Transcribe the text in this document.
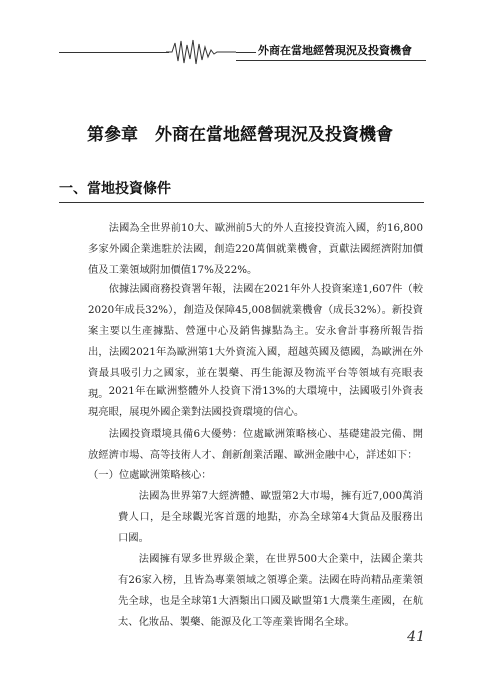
外商在當地經營現況及投資機會
第參章　外商在當地經營現況及投資機會
一、當地投資條件

法國為全世界前10大、歐洲前5大的外人直接投資流入國，約16,800多家外國企業進駐於法國，創造220萬個就業機會，貢獻法國經濟附加價值及工業領域附加價值17%及22%。

依據法國商務投資署年報，法國在2021年外人投資案達1,607件（較2020年成長32%），創造及保障45,008個就業機會（成長32%）。新投資案主要以生產據點、營運中心及銷售據點為主。安永會計事務所報告指出，法國2021年為歐洲第1大外資流入國，超越英國及德國，為歐洲在外資最具吸引力之國家，並在製藥、再生能源及物流平台等領域有亮眼表現。 2021年在歐洲整體外人投資下滑13%的大環境中，法國吸引外資表現亮眼，展現外國企業對法國投資環境的信心。

法國投資環境具備6大優勢：位處歐洲策略核心、基礎建設完備、開放經濟市場、高等技術人才、創新創業活躍、歐洲金融中心，詳述如下：

（一）位處歐洲策略核心：

法國為世界第7大經濟體、歐盟第2大市場，擁有近7,000萬消費人口，是全球觀光客首選的地點，亦為全球第4大貨品及服務出口國。

法國擁有眾多世界級企業，在世界500大企業中，法國企業共有26家入榜，且皆為專業領域之領導企業。法國在時尚精品產業領先全球，也是全球第1大酒類出口國及歐盟第1大農業生產國，在航太、化妝品、製藥、能源及化工等產業皆聞名全球。

41
